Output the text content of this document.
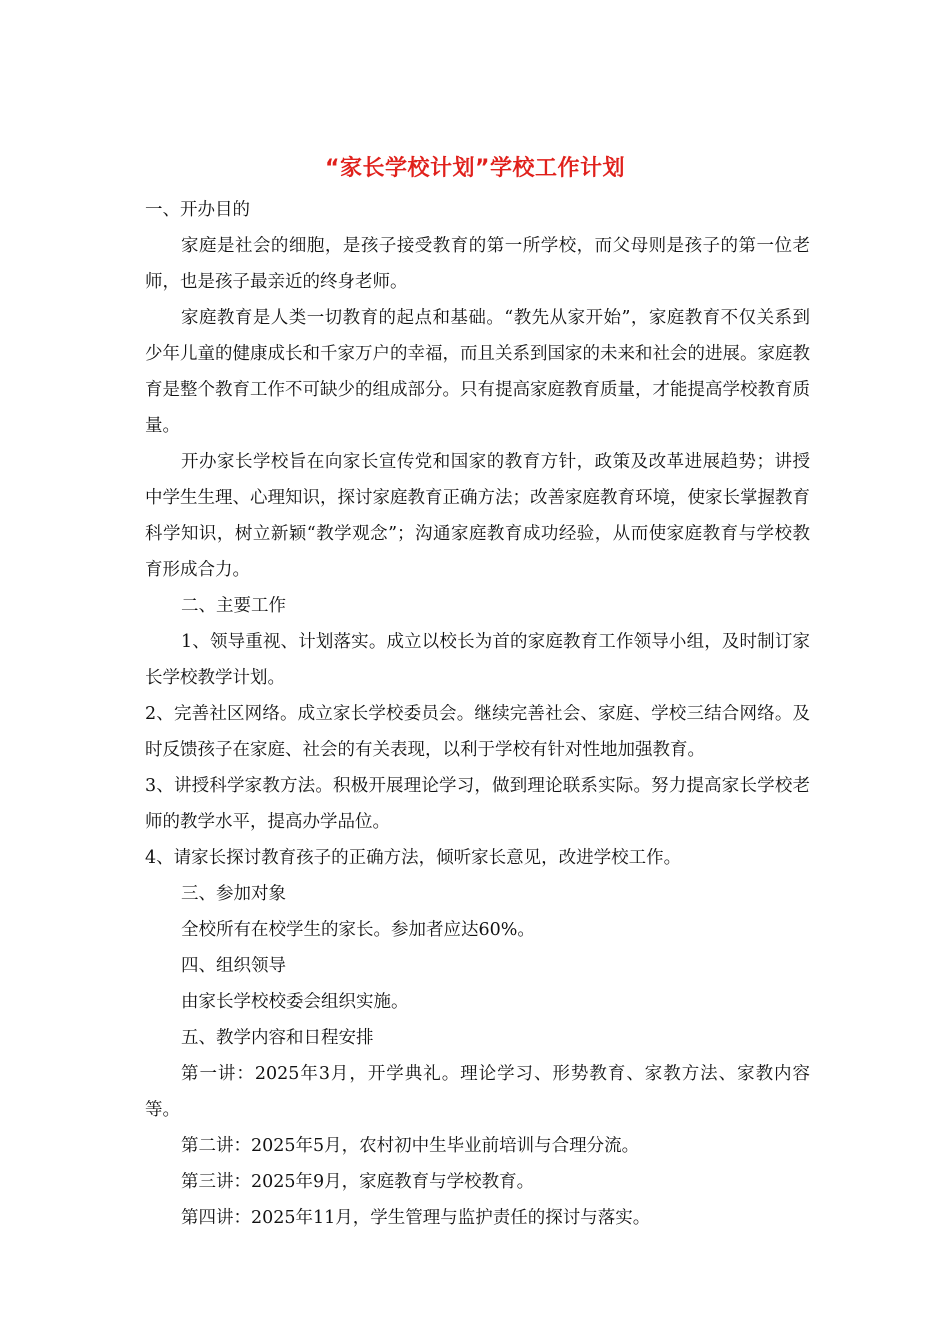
“家长学校计划”学校工作计划

一、开办目的

家庭是社会的细胞，是孩子接受教育的第一所学校，而父母则是孩子的第一位老师，也是孩子最亲近的终身老师。

家庭教育是人类一切教育的起点和基础。“教先从家开始”，家庭教育不仅关系到少年儿童的健康成长和千家万户的幸福，而且关系到国家的未来和社会的进展。家庭教育是整个教育工作不可缺少的组成部分。只有提高家庭教育质量，才能提高学校教育质量。

开办家长学校旨在向家长宣传党和国家的教育方针，政策及改革进展趋势；讲授中学生生理、心理知识，探讨家庭教育正确方法；改善家庭教育环境，使家长掌握教育科学知识，树立新颖“教学观念”；沟通家庭教育成功经验，从而使家庭教育与学校教育形成合力。

二、主要工作

1、领导重视、计划落实。成立以校长为首的家庭教育工作领导小组，及时制订家长学校教学计划。

2、完善社区网络。成立家长学校委员会。继续完善社会、家庭、学校三结合网络。及时反馈孩子在家庭、社会的有关表现，以利于学校有针对性地加强教育。

3、讲授科学家教方法。积极开展理论学习，做到理论联系实际。努力提高家长学校老师的教学水平，提高办学品位。

4、请家长探讨教育孩子的正确方法，倾听家长意见，改进学校工作。

三、参加对象

全校所有在校学生的家长。参加者应达60%。

四、组织领导

由家长学校校委会组织实施。

五、教学内容和日程安排

第一讲：2025年3月，开学典礼。理论学习、形势教育、家教方法、家教内容等。

第二讲：2025年5月，农村初中生毕业前培训与合理分流。

第三讲：2025年9月，家庭教育与学校教育。

第四讲：2025年11月，学生管理与监护责任的探讨与落实。
